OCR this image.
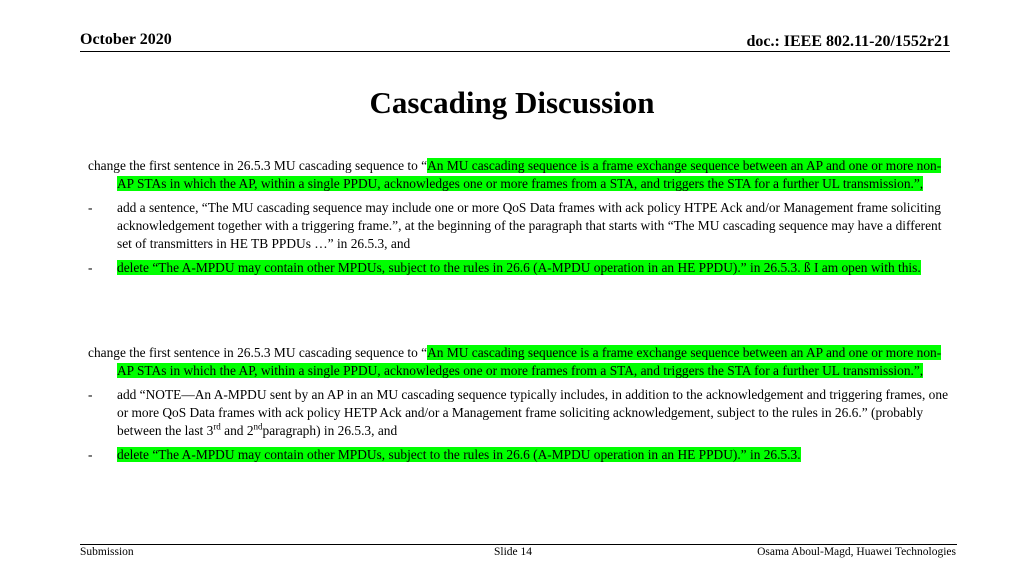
October 2020	doc.: IEEE 802.11-20/1552r21
Cascading Discussion

change the first sentence in 26.5.3 MU cascading sequence to “An MU cascading sequence is a frame exchange sequence between an AP and one or more non-AP STAs in which the AP, within a single PPDU, acknowledges one or more frames from a STA, and triggers the STA for a further UL transmission.”,

- add a sentence, “The MU cascading sequence may include one or more QoS Data frames with ack policy HTPE Ack and/or Management frame soliciting acknowledgement together with a triggering frame.”, at the beginning of the paragraph that starts with “The MU cascading sequence may have a different set of transmitters in HE TB PPDUs …” in 26.5.3, and

- delete “The A-MPDU may contain other MPDUs, subject to the rules in 26.6 (A-MPDU operation in an HE PPDU).” in 26.5.3. ß I am open with this.

change the first sentence in 26.5.3 MU cascading sequence to “An MU cascading sequence is a frame exchange sequence between an AP and one or more non-AP STAs in which the AP, within a single PPDU, acknowledges one or more frames from a STA, and triggers the STA for a further UL transmission.”,

- add “NOTE—An A-MPDU sent by an AP in an MU cascading sequence typically includes, in addition to the acknowledgement and triggering frames, one or more QoS Data frames with ack policy HETP Ack and/or a Management frame soliciting acknowledgement, subject to the rules in 26.6.” (probably between the last 3rd and 2ndparagraph) in 26.5.3, and

- delete “The A-MPDU may contain other MPDUs, subject to the rules in 26.6 (A-MPDU operation in an HE PPDU).” in 26.5.3.

Submission	Slide 14	Osama Aboul-Magd, Huawei Technologies
